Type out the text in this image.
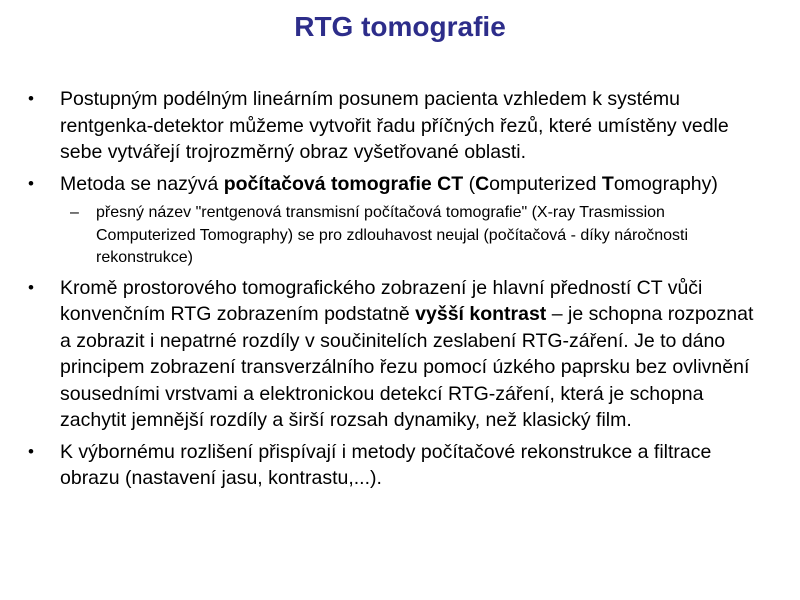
RTG tomografie
•	Postupným podélným lineárním posunem pacienta vzhledem k systému rentgenka-detektor můžeme vytvořit řadu příčných řezů, které umístěny vedle sebe vytvářejí trojrozměrný obraz vyšetřované oblasti.
•	Metoda se nazývá počítačová tomografie CT (Computerized Tomography)
–	přesný název "rentgenová transmisní počítačová tomografie" (X-ray Trasmission Computerized Tomography) se pro zdlouhavost neujal (počítačová - díky náročnosti rekonstrukce)
•	Kromě prostorového tomografického zobrazení je hlavní předností CT vůči konvenčním RTG zobrazením podstatně vyšší kontrast – je schopna rozpoznat a zobrazit i nepatrné rozdíly v součinitelích zeslabení RTG-záření. Je to dáno principem zobrazení transverzálního řezu pomocí úzkého paprsku bez ovlivnění sousedními vrstvami a elektronickou detekcí RTG-záření, která je schopna zachytit jemnější rozdíly a širší rozsah dynamiky, než klasický film.
•	K výbornému rozlišení přispívají i metody počítačové rekonstrukce a filtrace obrazu (nastavení jasu, kontrastu,...).
